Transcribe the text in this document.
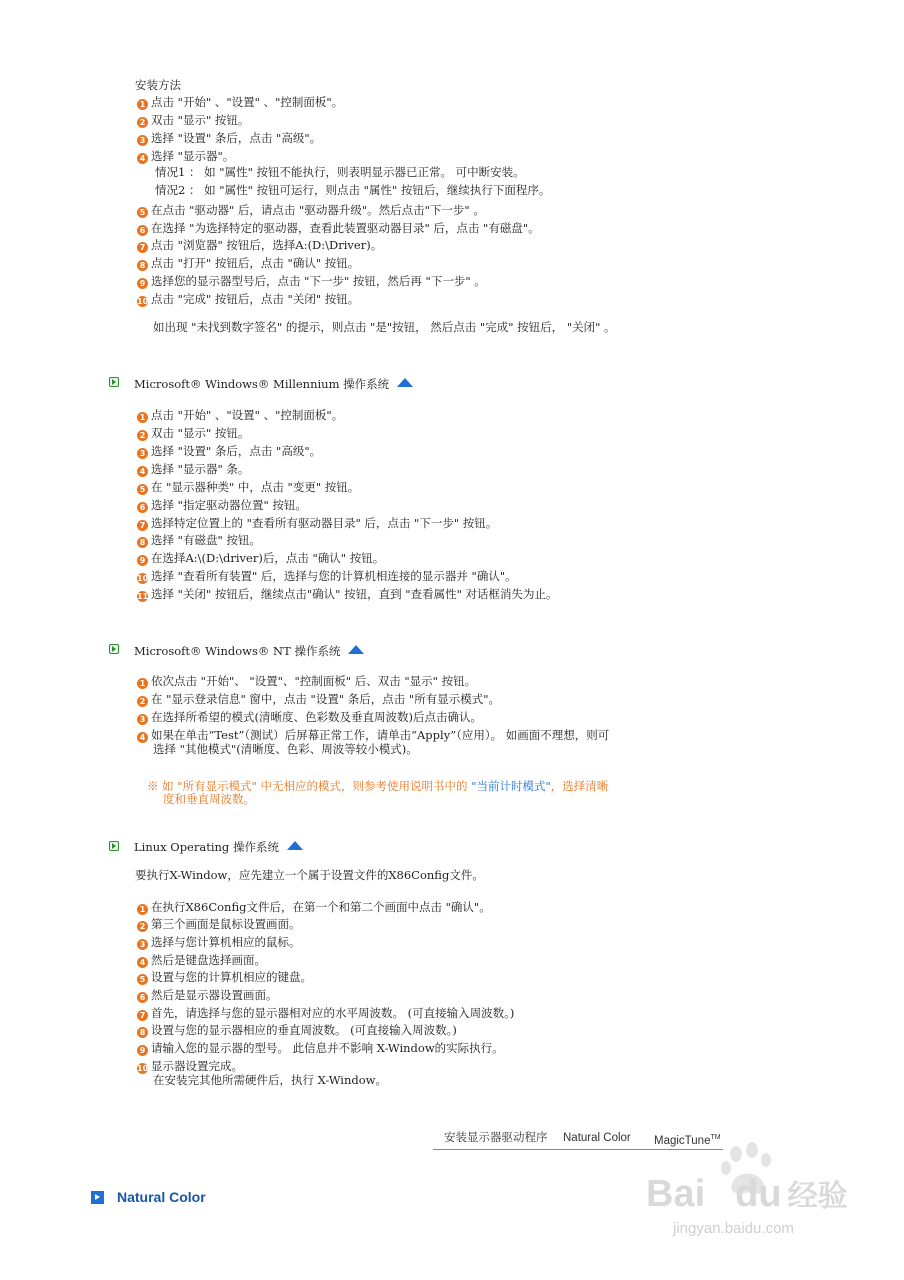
安装方法
1 点击 "开始" 、"设置" 、"控制面板"。
2 双击 "显示" 按钮。
3 选择 "设置" 条后，点击 "高级"。
4 选择 "显示器"。
情况1 ： 如 "属性" 按钮不能执行，则表明显示器已正常。 可中断安装。
情况2 ： 如 "属性" 按钮可运行，则点击 "属性" 按钮后，继续执行下面程序。
5 在点击 "驱动器" 后，请点击 "驱动器升级"。然后点击"下一步" 。
6 在选择 "为选择特定的驱动器，查看此装置驱动器目录" 后，点击 "有磁盘"。
7 点击 "浏览器" 按钮后，选择A:(D:\Driver)。
8 点击 "打开" 按钮后，点击 "确认" 按钮。
9 选择您的显示器型号后，点击 "下一步" 按钮，然后再 "下一步" 。
10 点击 "完成" 按钮后，点击 "关闭" 按钮。
如出现 "未找到数字签名" 的提示，则点击 "是"按钮， 然后点击 "完成" 按钮后， "关闭" 。
Microsoft® Windows® Millennium 操作系统
1 点击 "开始" 、"设置" 、"控制面板"。
2 双击 "显示" 按钮。
3 选择 "设置" 条后，点击 "高级"。
4 选择 "显示器" 条。
5 在 "显示器种类" 中，点击 "变更" 按钮。
6 选择 "指定驱动器位置" 按钮。
7 选择特定位置上的 "查看所有驱动器目录" 后，点击 "下一步" 按钮。
8 选择 "有磁盘" 按钮。
9 在选择A:\(D:\driver)后，点击 "确认" 按钮。
10 选择 "查看所有装置" 后，选择与您的计算机相连接的显示器并 "确认"。
11 选择 "关闭" 按钮后，继续点击"确认" 按钮，直到 "查看属性" 对话框消失为止。
Microsoft® Windows® NT 操作系统
1 依次点击 "开始"、 "设置"、"控制面板" 后、双击 "显示" 按钮。
2 在 "显示登录信息" 窗中，点击 "设置" 条后，点击 "所有显示模式"。
3 在选择所希望的模式(清晰度、色彩数及垂直周波数)后点击确认。
4 如果在单击“Test”（测试）后屏幕正常工作，请单击“Apply”（应用）。 如画面不理想，则可
选择 "其他模式"(清晰度、色彩、周波等较小模式)。
※ 如 "所有显示模式" 中无相应的模式，则参考使用说明书中的 "当前计时模式"，选择清晰
度和垂直周波数。
Linux Operating 操作系统
要执行X-Window，应先建立一个属于设置文件的X86Config文件。
1 在执行X86Config文件后，在第一个和第二个画面中点击 "确认"。
2 第三个画面是鼠标设置画面。
3 选择与您计算机相应的鼠标。
4 然后是键盘选择画面。
5 设置与您的计算机相应的键盘。
6 然后是显示器设置画面。
7 首先，请选择与您的显示器相对应的水平周波数。 (可直接输入周波数。)
8 设置与您的显示器相应的垂直周波数。 (可直接输入周波数。)
9 请输入您的显示器的型号。 此信息并不影响 X-Window的实际执行。
10 显示器设置完成。
在安装完其他所需硬件后，执行 X-Window。
安装显示器驱动程序 Natural Color MagicTune™
Natural Color	Bai du 经验
jingyan.baidu.com
